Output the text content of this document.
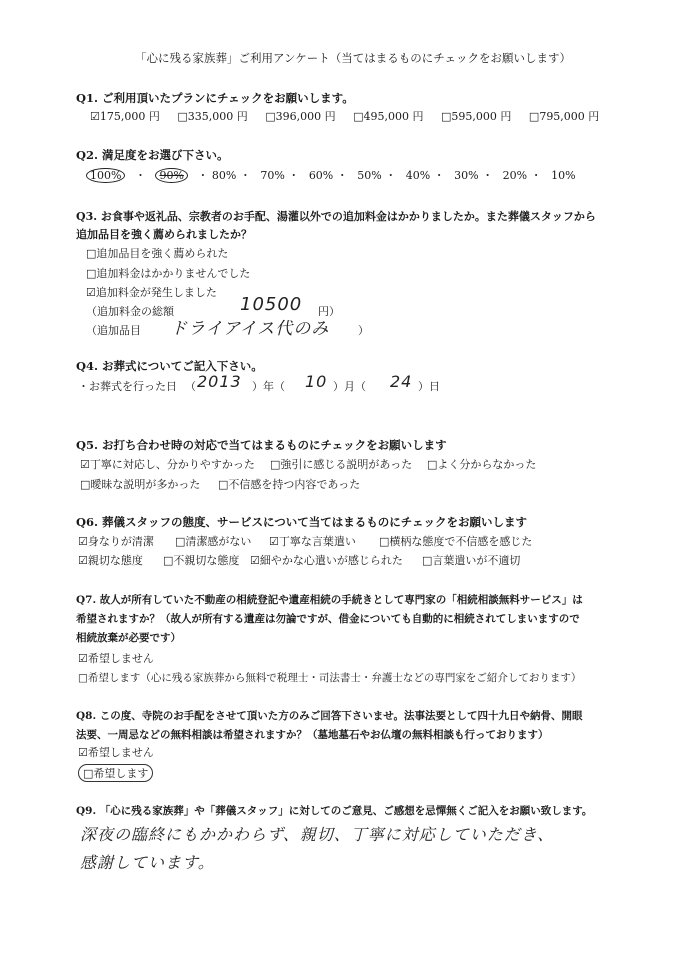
「心に残る家族葬」ご利用アンケート（当てはまるものにチェックをお願いします）
Q1. ご利用頂いたプランにチェックをお願いします。
☑175,000 円 □335,000 円 □396,000 円 □495,000 円 □595,000 円 □795,000 円
Q2. 満足度をお選び下さい。
100% ・ 90% ・ 80% ・ 70% ・ 60% ・ 50% ・ 40% ・ 30% ・ 20% ・ 10%
Q3. お食事や返礼品、宗教者のお手配、湯灌以外での追加料金はかかりましたか。また葬儀スタッフから
追加品目を強く薦められましたか？
□追加品目を強く薦められた
□追加料金はかかりませんでした
☑追加料金が発生しました
（追加料金の総額	10500 円）
（追加品目 ドライアイス代のみ	）
Q4. お葬式についてご記入下さい。
・お葬式を行った日 （ 2013 ）年（ 10 ）月（ 24 ）日
Q5. お打ち合わせ時の対応で当てはまるものにチェックをお願いします
☑丁寧に対応し、分かりやすかった □強引に感じる説明があった □よく分からなかった
□曖昧な説明が多かった □不信感を持つ内容であった
Q6. 葬儀スタッフの態度、サービスについて当てはまるものにチェックをお願いします
☑身なりが清潔 □清潔感がない ☑丁寧な言葉遣い □横柄な態度で不信感を感じた
☑親切な態度 □不親切な態度 ☑細やかな心遣いが感じられた □言葉遣いが不適切
Q7. 故人が所有していた不動産の相続登記や遺産相続の手続きとして専門家の「相続相談無料サービス」は
希望されますか？（故人が所有する遺産は勿論ですが、借金についても自動的に相続されてしまいますので
相続放棄が必要です）
☑希望しません
□希望します（心に残る家族葬から無料で税理士・司法書士・弁護士などの専門家をご紹介しております）
Q8. この度、寺院のお手配をさせて頂いた方のみご回答下さいませ。法事法要として四十九日や納骨、開眼
法要、一周忌などの無料相談は希望されますか？（墓地墓石やお仏壇の無料相談も行っております）
☑希望しません
□希望します
Q9. 「心に残る家族葬」や「葬儀スタッフ」に対してのご意見、ご感想を忌憚無くご記入をお願い致します。
深夜の臨終にもかかわらず、親切、丁寧に対応していただき、
感謝しています。
